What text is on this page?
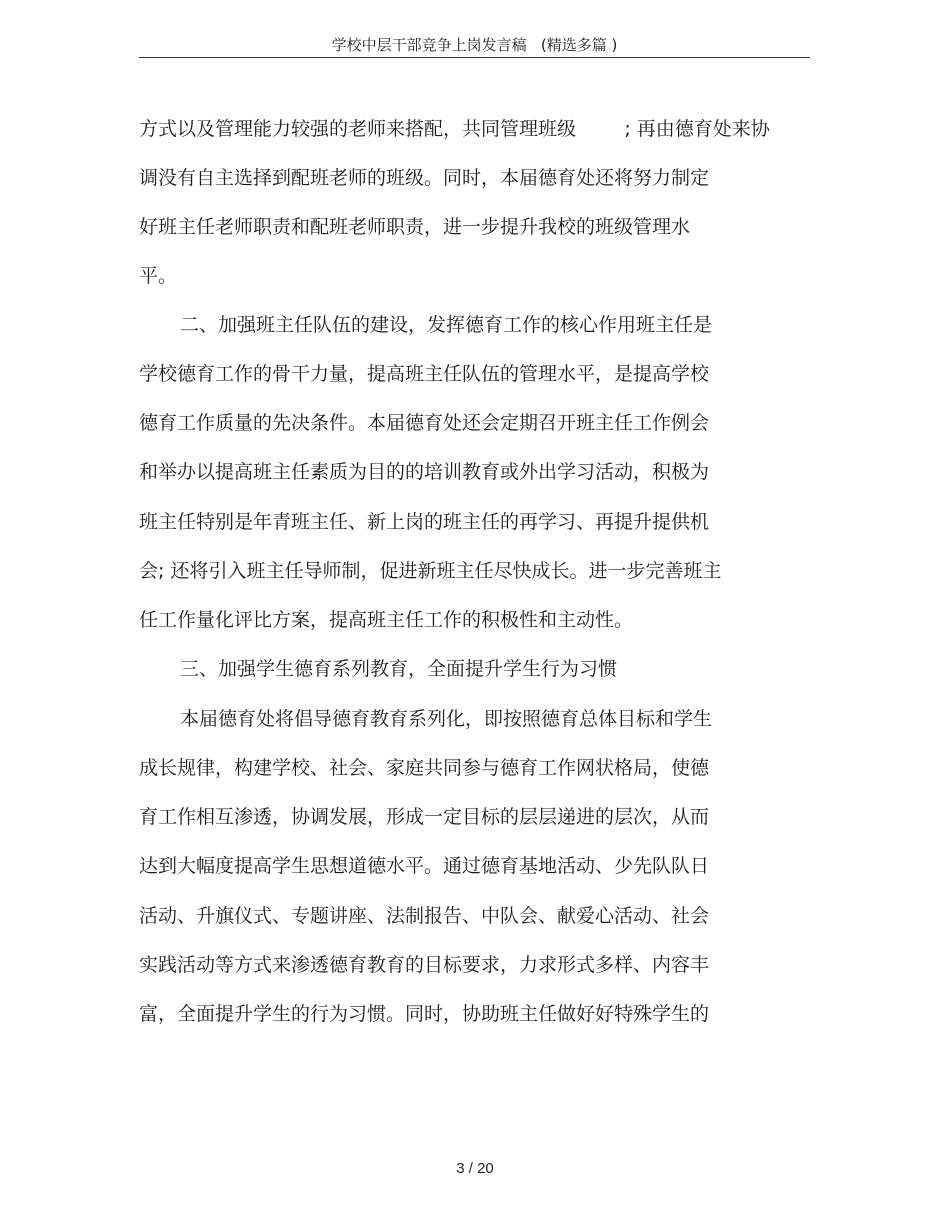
学校中层干部竞争上岗发言稿   (精选多篇 )
方式以及管理能力较强的老师来搭配，共同管理班级        ; 再由德育处来协
调没有自主选择到配班老师的班级。同时，本届德育处还将努力制定
好班主任老师职责和配班老师职责，进一步提升我校的班级管理水
平。
二、加强班主任队伍的建设，发挥德育工作的核心作用班主任是
学校德育工作的骨干力量，提高班主任队伍的管理水平，是提高学校
德育工作质量的先决条件。本届德育处还会定期召开班主任工作例会
和举办以提高班主任素质为目的的培训教育或外出学习活动，积极为
班主任特别是年青班主任、新上岗的班主任的再学习、再提升提供机
会; 还将引入班主任导师制，促进新班主任尽快成长。进一步完善班主
任工作量化评比方案，提高班主任工作的积极性和主动性。
三、加强学生德育系列教育，全面提升学生行为习惯
本届德育处将倡导德育教育系列化，即按照德育总体目标和学生
成长规律，构建学校、社会、家庭共同参与德育工作网状格局，使德
育工作相互渗透，协调发展，形成一定目标的层层递进的层次，从而
达到大幅度提高学生思想道德水平。通过德育基地活动、少先队队日
活动、升旗仪式、专题讲座、法制报告、中队会、献爱心活动、社会
实践活动等方式来渗透德育教育的目标要求，力求形式多样、内容丰
富，全面提升学生的行为习惯。同时，协助班主任做好好特殊学生的
3 / 20
